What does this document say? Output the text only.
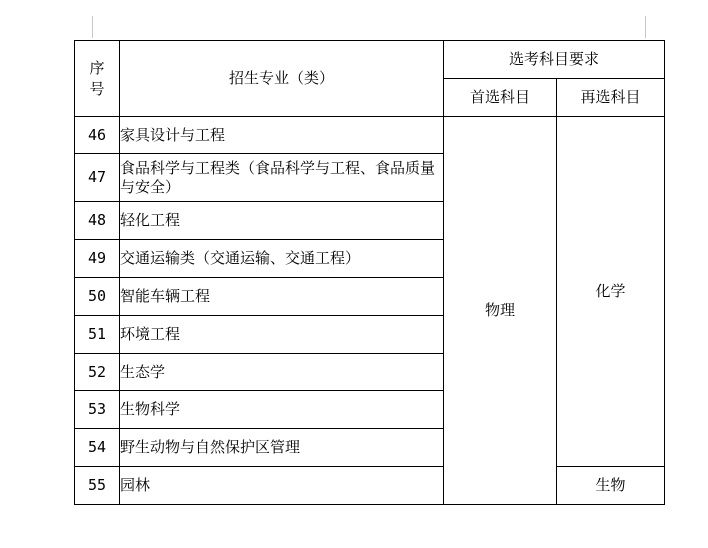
序号	招生专业（类）	选考科目要求	
		首选科目	再选科目
46	家具设计与工程	物理	化学
47	食品科学与工程类（食品科学与工程、食品质量与安全）		
48	轻化工程		
49	交通运输类（交通运输、交通工程）		
50	智能车辆工程		
51	环境工程		
52	生态学		
53	生物科学		
54	野生动物与自然保护区管理		
55	园林		生物
